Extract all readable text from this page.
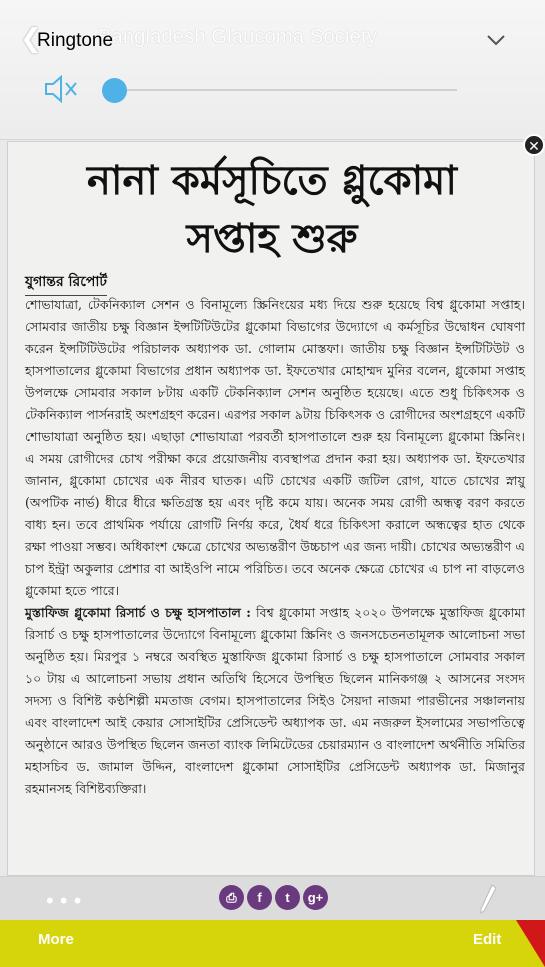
❮	Bangladesh Glaucoma Society
Ringtone
নানা কর্মসূচিতে গ্লুকোমা
সপ্তাহ শুরু
যুগান্তর রিপোর্ট

শোভাযাত্রা, টেকনিক্যাল সেশন ও বিনামূল্যে স্ক্রিনিংয়ের মধ্য দিয়ে শুরু হয়েছে বিশ্ব গ্লুকোমা সপ্তাহ। সোমবার জাতীয় চক্ষু বিজ্ঞান ইন্সটিটিউটের গ্লুকোমা বিভাগের উদ্যোগে এ কর্মসূচির উদ্বোধন ঘোষণা করেন ইন্সটিটিউটের পরিচালক অধ্যাপক ডা. গোলাম মোস্তফা। জাতীয় চক্ষু বিজ্ঞান ইন্সটিটিউট ও হাসপাতালের গ্লুকোমা বিভাগের প্রধান অধ্যাপক ডা. ইফতেখার মোহাম্মদ মুনির বলেন, গ্লুকোমা সপ্তাহ উপলক্ষে সোমবার সকাল ৮টায় একটি টেকনিক্যাল সেশন অনুষ্ঠিত হয়েছে। এতে শুধু চিকিৎসক ও টেকনিক্যাল পার্সনরাই অংশগ্রহণ করেন। এরপর সকাল ৯টায় চিকিৎসক ও রোগীদের অংশগ্রহণে একটি শোভাযাত্রা অনুষ্ঠিত হয়। এছাড়া শোভাযাত্রা পরবর্তী হাসপাতালে শুরু হয় বিনামূল্যে গ্লুকোমা স্ক্রিনিং। এ সময় রোগীদের চোখ পরীক্ষা করে প্রয়োজনীয় ব্যবস্থাপত্র প্রদান করা হয়। অধ্যাপক ডা. ইফতেখার জানান, গ্লুকোমা চোখের এক নীরব ঘাতক। এটি চোখের একটি জটিল রোগ, যাতে চোখের স্নায়ু (অপটিক নার্ভ) ধীরে ধীরে ক্ষতিগ্রস্ত হয় এবং দৃষ্টি কমে যায়। অনেক সময় রোগী অন্ধত্ব বরণ করতে বাধ্য হন। তবে প্রাথমিক পর্যায়ে রোগটি নির্ণয় করে, ধৈর্য ধরে চিকিৎসা করালে অন্ধত্বের হাত থেকে রক্ষা পাওয়া সম্ভব। অধিকাংশ ক্ষেত্রে চোখের অভ্যন্তরীণ উচ্চচাপ এর জন্য দায়ী। চোখের অভ্যন্তরীণ এ চাপ ইন্ট্রা অকুলার প্রেশার বা আইওপি নামে পরিচিত। তবে অনেক ক্ষেত্রে চোখের এ চাপ না বাড়লেও গ্লুকোমা হতে পারে।

মুস্তাফিজ গ্লুকোমা রিসার্চ ও চক্ষু হাসপাতাল : বিশ্ব গ্লুকোমা সপ্তাহ ২০২০ উপলক্ষে মুস্তাফিজ গ্লুকোমা রিসার্চ ও চক্ষু হাসপাতালের উদ্যোগে বিনামূল্যে গ্লুকোমা স্ক্রিনিং ও জনসচেতনতামূলক আলোচনা সভা অনুষ্ঠিত হয়। মিরপুর ১ নম্বরে অবস্থিত মুস্তাফিজ গ্লুকোমা রিসার্চ ও চক্ষু হাসপাতালে সোমবার সকাল ১০ টায় এ আলোচনা সভায় প্রধান অতিথি হিসেবে উপস্থিত ছিলেন মানিকগঞ্জ ২ আসনের সংসদ সদস্য ও বিশিষ্ট কণ্ঠশিল্পী মমতাজ বেগম। হাসপাতালের সিইও সৈয়দা নাজমা পারভীনের সঞ্চালনায় এবং বাংলাদেশ আই কেয়ার সোসাইটির প্রেসিডেন্ট অধ্যাপক ডা. এম নজরুল ইসলামের সভাপতিত্বে অনুষ্ঠানে আরও উপস্থিত ছিলেন জনতা ব্যাংক লিমিটেডের চেয়ারম্যান ও বাংলাদেশ অর্থনীতি সমিতির মহাসচিব ড. জামাল উদ্দিন, বাংলাদেশ গ্লুকোমা সোসাইটির প্রেসিডেন্ট অধ্যাপক ডা. মিজানুর রহমানসহ বিশিষ্টব্যক্তিরা।

✕
•••	⎙	f	t	g+
More	Edit
